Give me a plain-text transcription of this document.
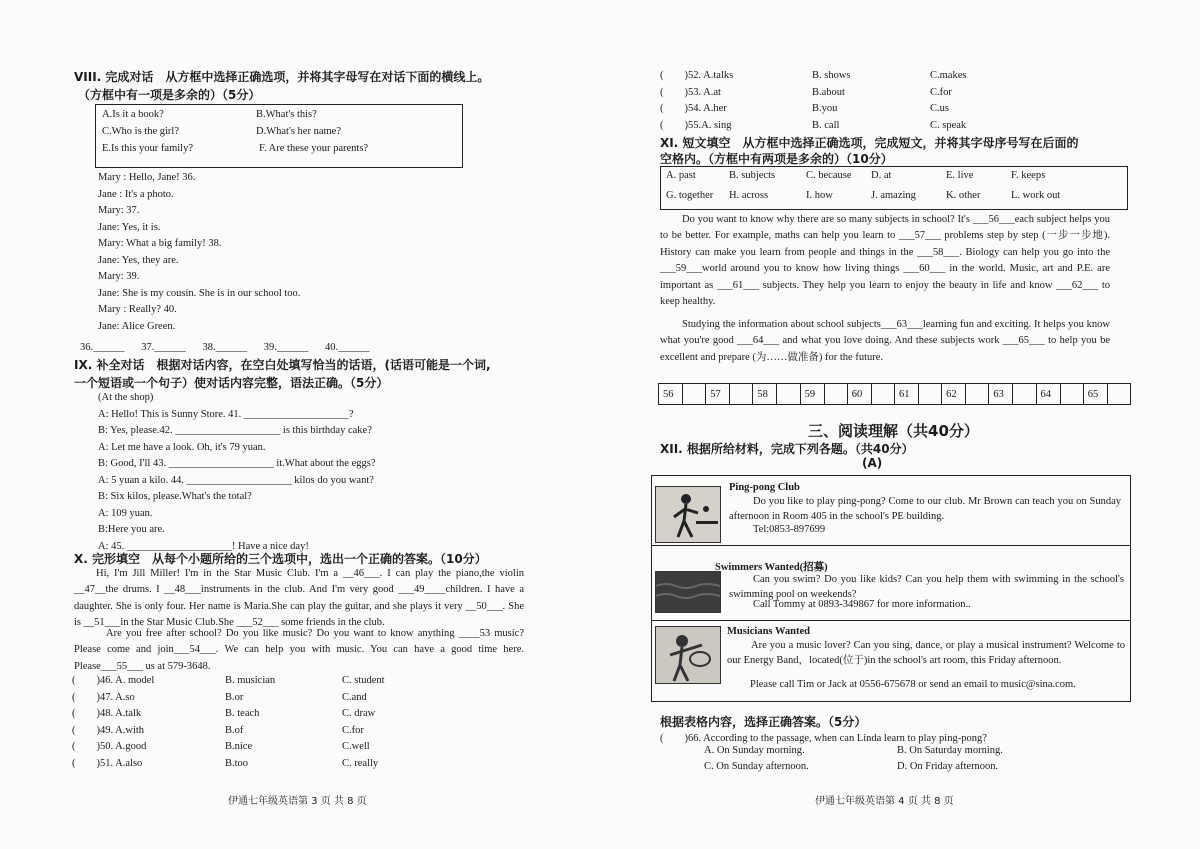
VIII. 完成对话　从方框中选择正确选项，并将其字母写在对话下面的横线上。
（方框中有一项是多余的）（5分）
A.Is it a book?	B.What's this?
C.Who is the girl?	D.What's her name?
E.Is this your family?	F. Are these your parents?
Mary : Hello, Jane! 36.
Jane : It's a photo.
Mary: 37.
Jane: Yes, it is.
Mary: What a big family! 38.
Jane: Yes, they are.
Mary: 39.
Jane: She is my cousin. She is in our school too.
Mary : Really? 40.
Jane: Alice Green.
36.______ 37.______ 38.______ 39.______ 40.______
IX. 补全对话　根据对话内容，在空白处填写恰当的话语，(话语可能是一个词,
一个短语或一个句子）使对话内容完整，语法正确。（5分）
(At the shop)
A: Hello! This is Sunny Store. 41. ____________________?
B: Yes, please.42. ____________________ is this birthday cake?
A: Let me have a look. Oh, it's 79 yuan.
B: Good, I'll 43. ____________________ it.What about the eggs?
A: 5 yuan a kilo. 44. ____________________ kilos do you want?
B: Six kilos, please.What's the total?
A: 109 yuan.
B:Here you are.
A: 45. ____________________! Have a nice day!
X. 完形填空　从每个小题所给的三个选项中，选出一个正确的答案。（10分）
Hi, I'm Jill Miller! I'm in the Star Music Club. I'm a __46___. I can play the piano,the violin __47__the drums. I __48___instruments in the club. And I'm very good ___49____children. I have a daughter. She is only four. Her name is Maria.She can play the guitar, and she plays it very __50___. She is __51___in the Star Music Club.She ___52___ some friends in the club.
Are you free after school? Do you like music? Do you want to know anything ____53 music? Please come and join___54___. We can help you with music. You can have a good time here. Please___55___ us at 579-3648.
(　　)46. A. model	B. musician	C. student
(　　)47. A.so	B.or	C.and
(　　)48. A.talk	B. teach	C. draw
(　　)49. A.with	B.of	C.for
(　　)50. A.good	B.nice	C.well
(　　)51. A.also	B.too	C. really
伊通七年级英语第 3 页 共 8 页
(　　)52. A.talks	B. shows	C.makes
(　　)53. A.at	B.about	C.for
(　　)54. A.her	B.you	C.us
(　　)55.A. sing	B. call	C. speak
XI. 短文填空　从方框中选择正确选项，完成短文，并将其字母序号写在后面的
空格内。（方框中有两项是多余的）（10分）
A. past	B. subjects	C. because D. at	E. live	F. keeps
G. together H. across	I. how	J. amazing	K. other	L. work out
Do you want to know why there are so many subjects in school? It's ___56___each subject helps you to be better. For example, maths can help you learn to ___57___ problems step by step (一步一步地). History can make you learn from people and things in the ___58___. Biology can help you go into the ___59___world around you to know how living things ___60___ in the world. Music, art and P.E. are important as ___61___ subjects. They help you learn to enjoy the beauty in life and know ___62___ to keep healthy.
Studying the information about school subjects___63___learning fun and exciting. It helps you know what you're good ___64___ and what you love doing. And these subjects work ___65___ to help you be excellent and prepare (为……做准备) for the future.
56		57		58		59		60		61		62		63		64		65	
三、阅读理解（共40分）
XII. 根据所给材料，完成下列各题。（共40分）
(A)
Ping-pong Club
Do you like to play ping-pong? Come to our club. Mr Brown can teach you on Sunday afternoon in Room 405 in the school's PE building.
Tel:0853-897699
Swimmers Wanted(招募)
Can you swim? Do you like kids? Can you help them with swimming in the school's swimming pool on weekends?
Call Tommy at 0893-349867 for more information..
Musicians Wanted
Are you a music lover? Can you sing, dance, or play a musical instrument? Welcome to our Energy Band，located(位于)in the school's art room, this Friday afternoon.
Please call Tim or Jack at 0556-675678 or send an email to music@sina.com.
根据表格内容，选择正确答案。（5分）
(　　)66. According to the passage, when can Linda learn to play ping-pong?
A. On Sunday morning.	B. On Saturday morning.
C. On Sunday afternoon.	D. On Friday afternoon.
伊通七年级英语第 4 页 共 8 页
